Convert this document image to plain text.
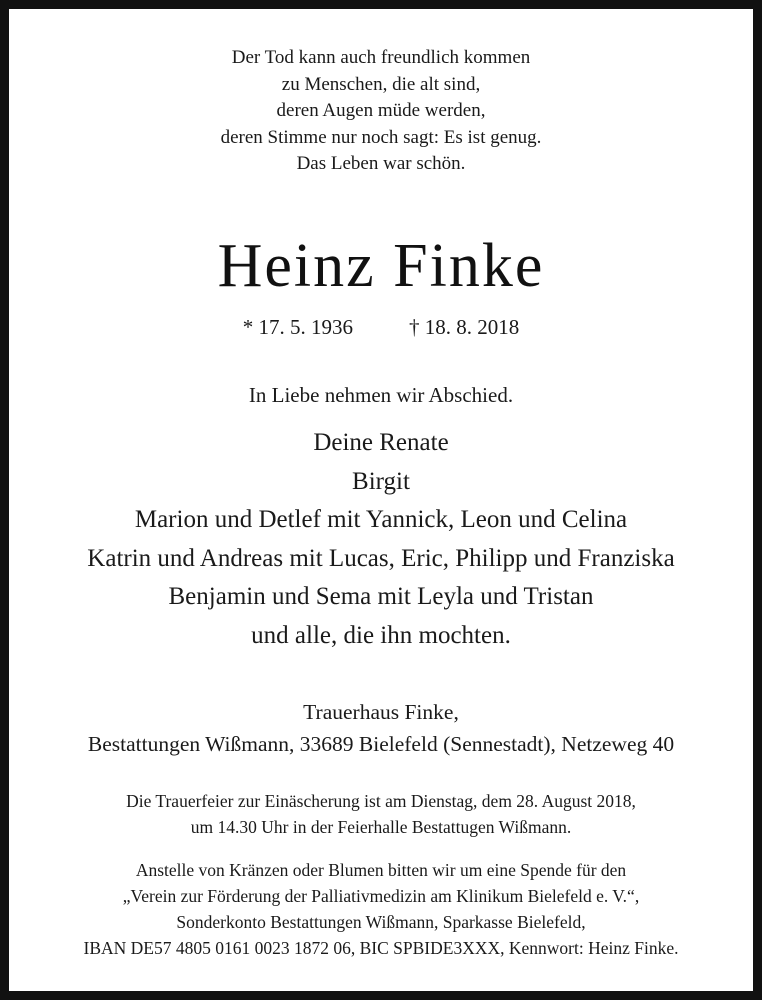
Der Tod kann auch freundlich kommen
zu Menschen, die alt sind,
deren Augen müde werden,
deren Stimme nur noch sagt: Es ist genug.
Das Leben war schön.
Heinz Finke
* 17. 5. 1936	† 18. 8. 2018
In Liebe nehmen wir Abschied.
Deine Renate
Birgit
Marion und Detlef mit Yannick, Leon und Celina
Katrin und Andreas mit Lucas, Eric, Philipp und Franziska
Benjamin und Sema mit Leyla und Tristan
und alle, die ihn mochten.
Trauerhaus Finke,
Bestattungen Wißmann, 33689 Bielefeld (Sennestadt), Netzeweg 40
Die Trauerfeier zur Einäscherung ist am Dienstag, dem 28. August 2018,
um 14.30 Uhr in der Feierhalle Bestattugen Wißmann.
Anstelle von Kränzen oder Blumen bitten wir um eine Spende für den
„Verein zur Förderung der Palliativmedizin am Klinikum Bielefeld e. V.“,
Sonderkonto Bestattungen Wißmann, Sparkasse Bielefeld,
IBAN DE57 4805 0161 0023 1872 06, BIC SPBIDE3XXX, Kennwort: Heinz Finke.
